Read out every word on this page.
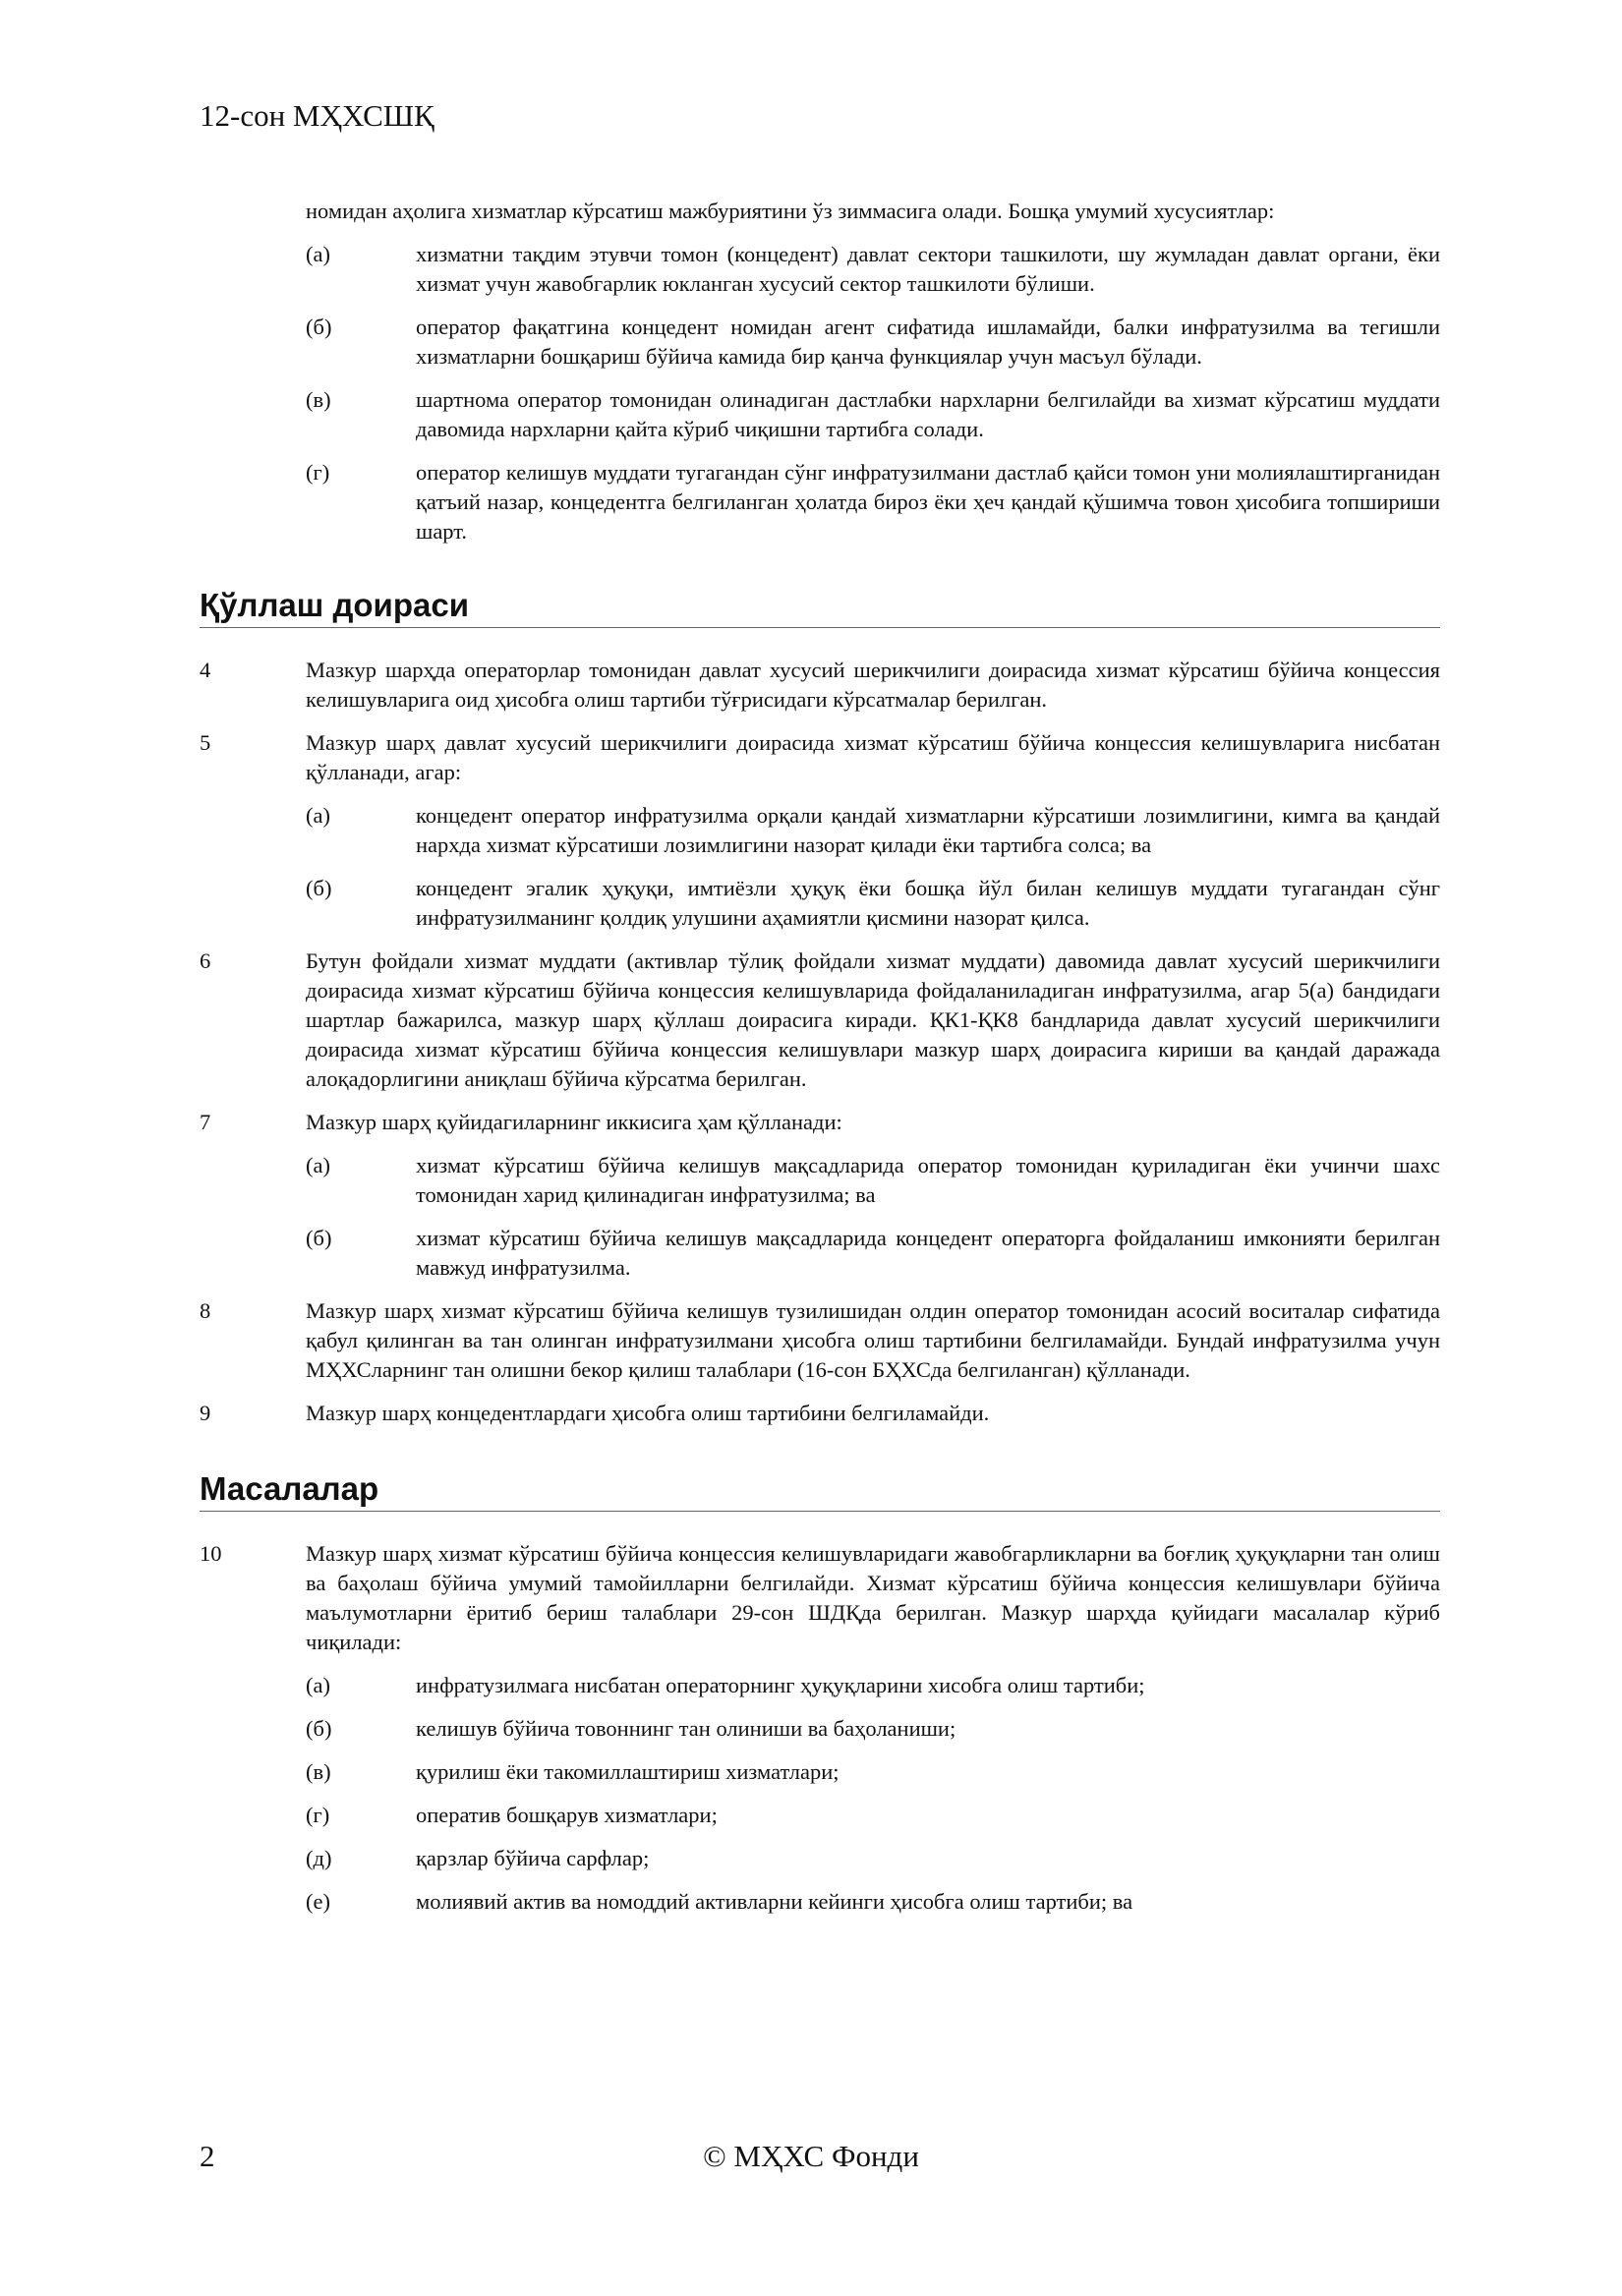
12-сон МҲХСШҚ
номидан аҳолига хизматлар кўрсатиш мажбуриятини ўз зиммасига олади. Бошқа умумий хусусиятлар:
(а)	хизматни тақдим этувчи томон (концедент) давлат сектори ташкилоти, шу жумладан давлат органи, ёки хизмат учун жавобгарлик юкланган хусусий сектор ташкилоти бўлиши.
(б)	оператор фақатгина концедент номидан агент сифатида ишламайди, балки инфратузилма ва тегишли хизматларни бошқариш бўйича камида бир қанча функциялар учун масъул бўлади.
(в)	шартнома оператор томонидан олинадиган дастлабки нархларни белгилайди ва хизмат кўрсатиш муддати давомида нархларни қайта кўриб чиқишни тартибга солади.
(г)	оператор келишув муддати тугагандан сўнг инфратузилмани дастлаб қайси томон уни молиялаштирганидан қатъий назар, концедентга белгиланган ҳолатда бироз ёки ҳеч қандай қўшимча товон ҳисобига топшириши шарт.
Қўллаш доираси
4	Мазкур шарҳда операторлар томонидан давлат хусусий шерикчилиги доирасида хизмат кўрсатиш бўйича концессия келишувларига оид ҳисобга олиш тартиби тўғрисидаги кўрсатмалар берилган.
5	Мазкур шарҳ давлат хусусий шерикчилиги доирасида хизмат кўрсатиш бўйича концессия келишувларига нисбатан қўлланади, агар:
(а)	концедент оператор инфратузилма орқали қандай хизматларни кўрсатиши лозимлигини, кимга ва қандай нархда хизмат кўрсатиши лозимлигини назорат қилади ёки тартибга солса; ва
(б)	концедент эгалик ҳуқуқи, имтиёзли ҳуқуқ ёки бошқа йўл билан келишув муддати тугагандан сўнг инфратузилманинг қолдиқ улушини аҳамиятли қисмини назорат қилса.
6	Бутун фойдали хизмат муддати (активлар тўлиқ фойдали хизмат муддати) давомида давлат хусусий шерикчилиги доирасида хизмат кўрсатиш бўйича концессия келишувларида фойдаланиладиган инфратузилма, агар 5(а) бандидаги шартлар бажарилса, мазкур шарҳ қўллаш доирасига киради. ҚК1-ҚК8 бандларида давлат хусусий шерикчилиги доирасида хизмат кўрсатиш бўйича концессия келишувлари мазкур шарҳ доирасига кириши ва қандай даражада алоқадорлигини аниқлаш бўйича кўрсатма берилган.
7	Мазкур шарҳ қуйидагиларнинг иккисига ҳам қўлланади:
(а)	хизмат кўрсатиш бўйича келишув мақсадларида оператор томонидан қуриладиган ёки учинчи шахс томонидан харид қилинадиган инфратузилма; ва
(б)	хизмат кўрсатиш бўйича келишув мақсадларида концедент операторга фойдаланиш имконияти берилган мавжуд инфратузилма.
8	Мазкур шарҳ хизмат кўрсатиш бўйича келишув тузилишидан олдин оператор томонидан асосий воситалар сифатида қабул қилинган ва тан олинган инфратузилмани ҳисобга олиш тартибини белгиламайди. Бундай инфратузилма учун МҲХСларнинг тан олишни бекор қилиш талаблари (16-сон БҲХСда белгиланган) қўлланади.
9	Мазкур шарҳ концедентлардаги ҳисобга олиш тартибини белгиламайди.
Масалалар
10	Мазкур шарҳ хизмат кўрсатиш бўйича концессия келишувларидаги жавобгарликларни ва боғлиқ ҳуқуқларни тан олиш ва баҳолаш бўйича умумий тамойилларни белгилайди. Хизмат кўрсатиш бўйича концессия келишувлари бўйича маълумотларни ёритиб бериш талаблари 29-сон ШДҚда берилган. Мазкур шарҳда қуйидаги масалалар кўриб чиқилади:
(а)	инфратузилмага нисбатан операторнинг ҳуқуқларини хисобга олиш тартиби;
(б)	келишув бўйича товоннинг тан олиниши ва баҳоланиши;
(в)	қурилиш ёки такомиллаштириш хизматлари;
(г)	оператив бошқарув хизматлари;
(д)	қарзлар бўйича сарфлар;
(е)	молиявий актив ва номоддий активларни кейинги ҳисобга олиш тартиби; ва
© МҲХС Фонди
2
